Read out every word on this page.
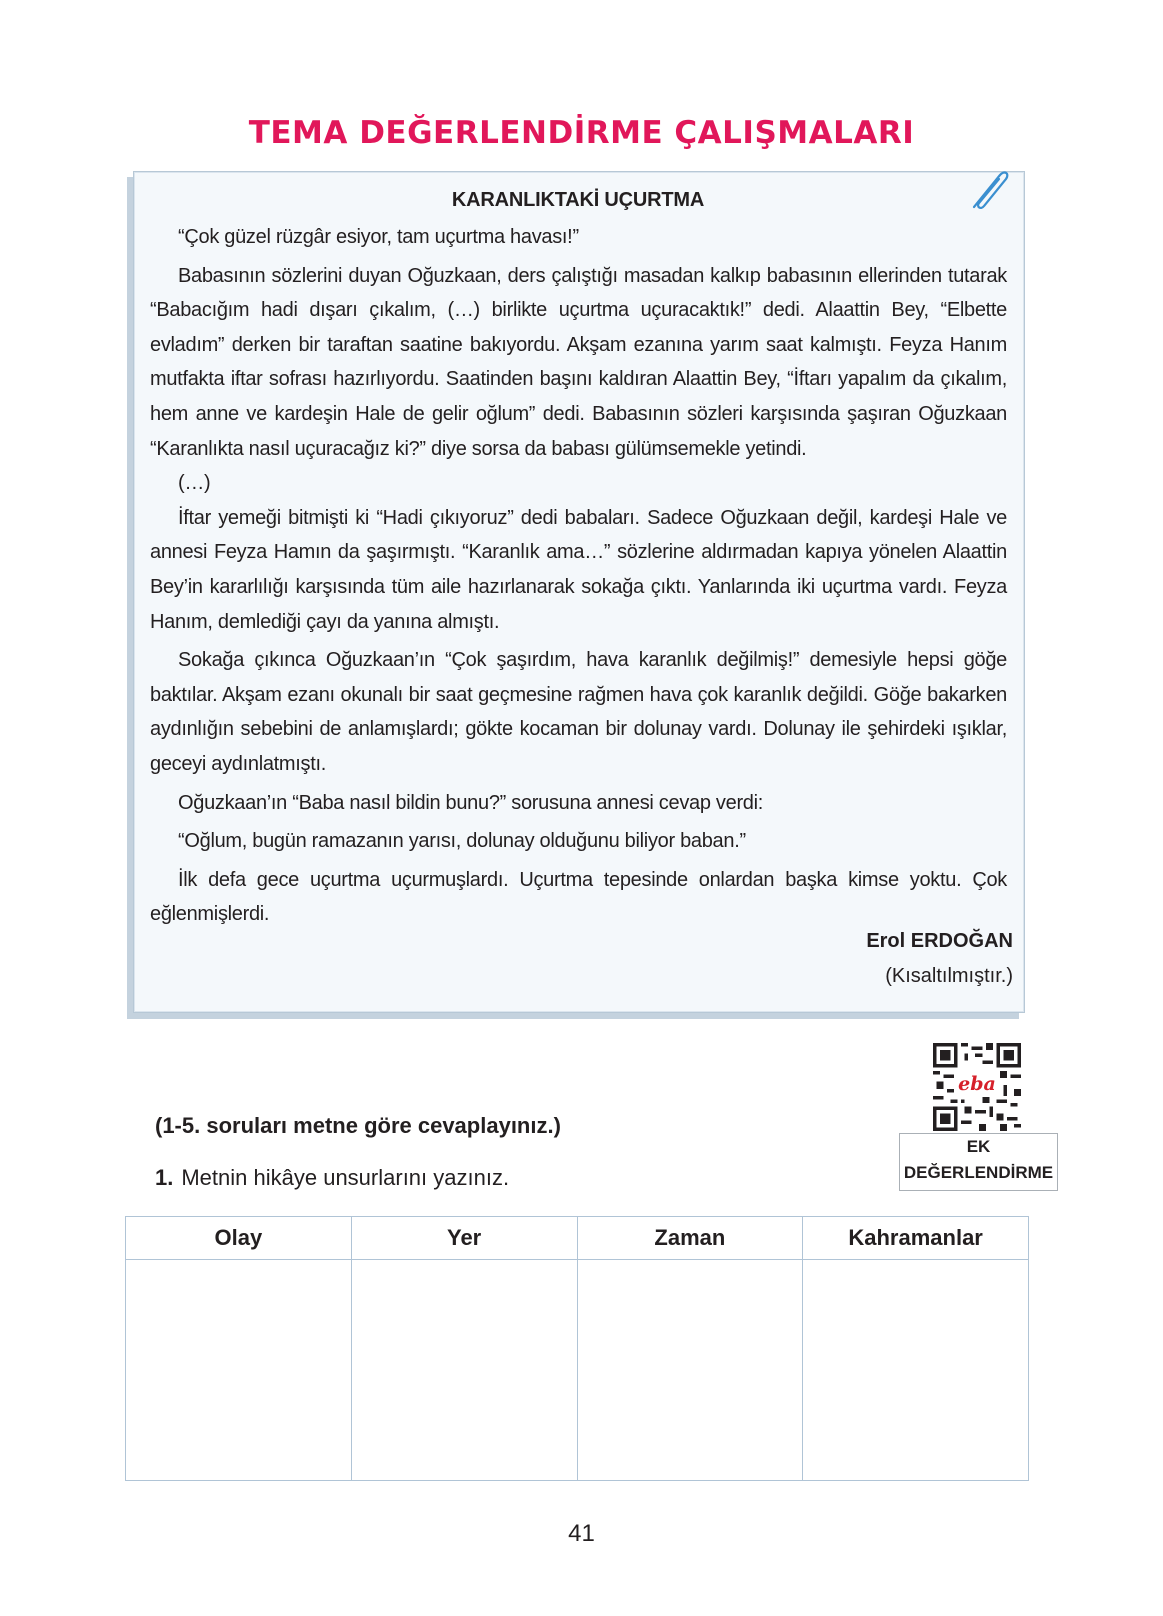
TEMA DEĞERLENDİRME ÇALIŞMALARI
KARANLIKTAKİ UÇURTMA

“Çok güzel rüzgâr esiyor, tam uçurtma havası!”

Babasının sözlerini duyan Oğuzkaan, ders çalıştığı masadan kalkıp babasının ellerinden tutarak “Babacığım hadi dışarı çıkalım, (…) birlikte uçurtma uçuracaktık!” dedi. Alaattin Bey, “Elbette evladım” derken bir taraftan saatine bakıyordu. Akşam ezanına yarım saat kalmıştı. Feyza Hanım mutfakta iftar sofrası hazırlıyordu. Saatinden başını kaldıran Alaattin Bey, “İftarı yapalım da çıkalım, hem anne ve kardeşin Hale de gelir oğlum” dedi. Babasının sözleri karşısında şaşıran Oğuzkaan “Karanlıkta nasıl uçuracağız ki?” diye sorsa da babası gülümsemekle yetindi.

(…)

İftar yemeği bitmişti ki “Hadi çıkıyoruz” dedi babaları. Sadece Oğuzkaan değil, kardeşi Hale ve annesi Feyza Hamın da şaşırmıştı. “Karanlık ama…” sözlerine aldırmadan kapıya yönelen Alaattin Bey’in kararlılığı karşısında tüm aile hazırlanarak sokağa çıktı. Yanlarında iki uçurtma vardı. Feyza Hanım, demlediği çayı da yanına almıştı.

Sokağa çıkınca Oğuzkaan’ın “Çok şaşırdım, hava karanlık değilmiş!” demesiyle hepsi göğe baktılar. Akşam ezanı okunalı bir saat geçmesine rağmen hava çok karanlık değildi. Göğe bakarken aydınlığın sebebini de anlamışlardı; gökte kocaman bir dolunay vardı. Dolunay ile şehirdeki ışıklar, geceyi aydınlatmıştı.

Oğuzkaan’ın “Baba nasıl bildin bunu?” sorusuna annesi cevap verdi:

“Oğlum, bugün ramazanın yarısı, dolunay olduğunu biliyor baban.”

İlk defa gece uçurtma uçurmuşlardı. Uçurtma tepesinde onlardan başka kimse yoktu. Çok eğlenmişlerdi.

Erol ERDOĞAN
(Kısaltılmıştır.)
eba
EK DEĞERLENDİRME
(1-5. soruları metne göre cevaplayınız.)
1. Metnin hikâye unsurlarını yazınız.
Olay	Yer	Zaman	Kahramanlar

41
